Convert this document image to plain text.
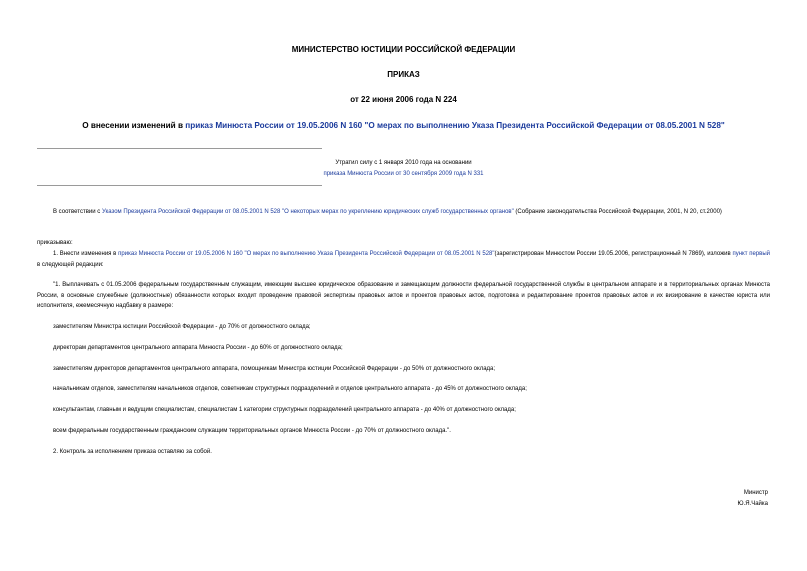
МИНИСТЕРСТВО ЮСТИЦИИ РОССИЙСКОЙ ФЕДЕРАЦИИ
ПРИКАЗ
от 22 июня 2006 года N 224
О внесении изменений в приказ Минюста России от 19.05.2006 N 160 "О мерах по выполнению Указа Президента Российской Федерации от 08.05.2001 N 528"
Утратил силу с 1 января 2010 года на основании
приказа Минюста России от 30 сентября 2009 года N 331
В соответствии с Указом Президента Российской Федерации от 08.05.2001 N 528 "О некоторых мерах по укреплению юридических служб государственных органов" (Собрание законодательства Российской Федерации, 2001, N 20, ст.2000)
приказываю:
1. Внести изменения в приказ Минюста России от 19.05.2006 N 160 "О мерах по выполнению Указа Президента Российской Федерации от 08.05.2001 N 528"(зарегистрирован Минюстом России 19.05.2006, регистрационный N 7869), изложив пункт первый в следующей редакции:
"1. Выплачивать с 01.05.2006 федеральным государственным служащим, имеющим высшее юридическое образование и замещающим должности федеральной государственной службы в центральном аппарате и в территориальных органах Минюста России, в основные служебные (должностные) обязанности которых входит проведение правовой экспертизы правовых актов и проектов правовых актов, подготовка и редактирование проектов правовых актов и их визирование в качестве юриста или исполнителя, ежемесячную надбавку в размере:
заместителям Министра юстиции Российской Федерации - до 70% от должностного оклада;
директорам департаментов центрального аппарата Минюста России - до 60% от должностного оклада;
заместителям директоров департаментов центрального аппарата, помощникам Министра юстиции Российской Федерации - до 50% от должностного оклада;
начальникам отделов, заместителям начальников отделов, советникам структурных подразделений и отделов центрального аппарата - до 45% от должностного оклада;
консультантам, главным и ведущим специалистам, специалистам 1 категории структурных подразделений центрального аппарата - до 40% от должностного оклада;
всем федеральным государственным гражданским служащим территориальных органов Минюста России - до 70% от должностного оклада.".
2. Контроль за исполнением приказа оставляю за собой.
Министр
Ю.Я.Чайка
